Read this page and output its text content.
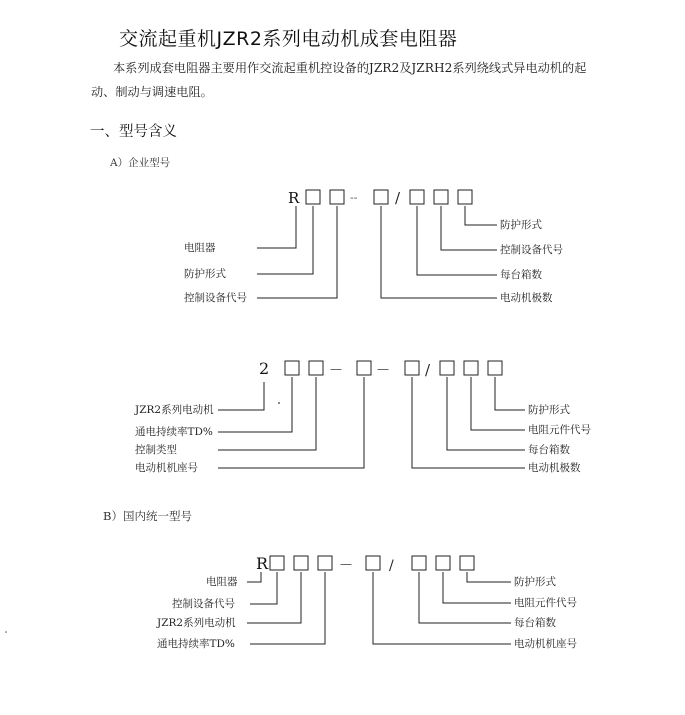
交流起重机JZR2系列电动机成套电阻器
本系列成套电阻器主要用作交流起重机控设备的JZR2及JZRH2系列绕线式异电动机的起
动、制动与调速电阻。
一、型号含义
A）企业型号
B）国内统一型号
R	--	/
电阻器
防护形式
控制设备代号
防护形式
控制设备代号
每台箱数
电动机极数
2	—	— /
JZR2系列电动机
通电持续率TD%
控制类型
电动机机座号
防护形式
电阻元件代号
每台箱数
电动机极数
R	—	/
电阻器
控制设备代号
JZR2系列电动机
通电持续率TD%
防护形式
电阻元件代号
每台箱数
电动机机座号
